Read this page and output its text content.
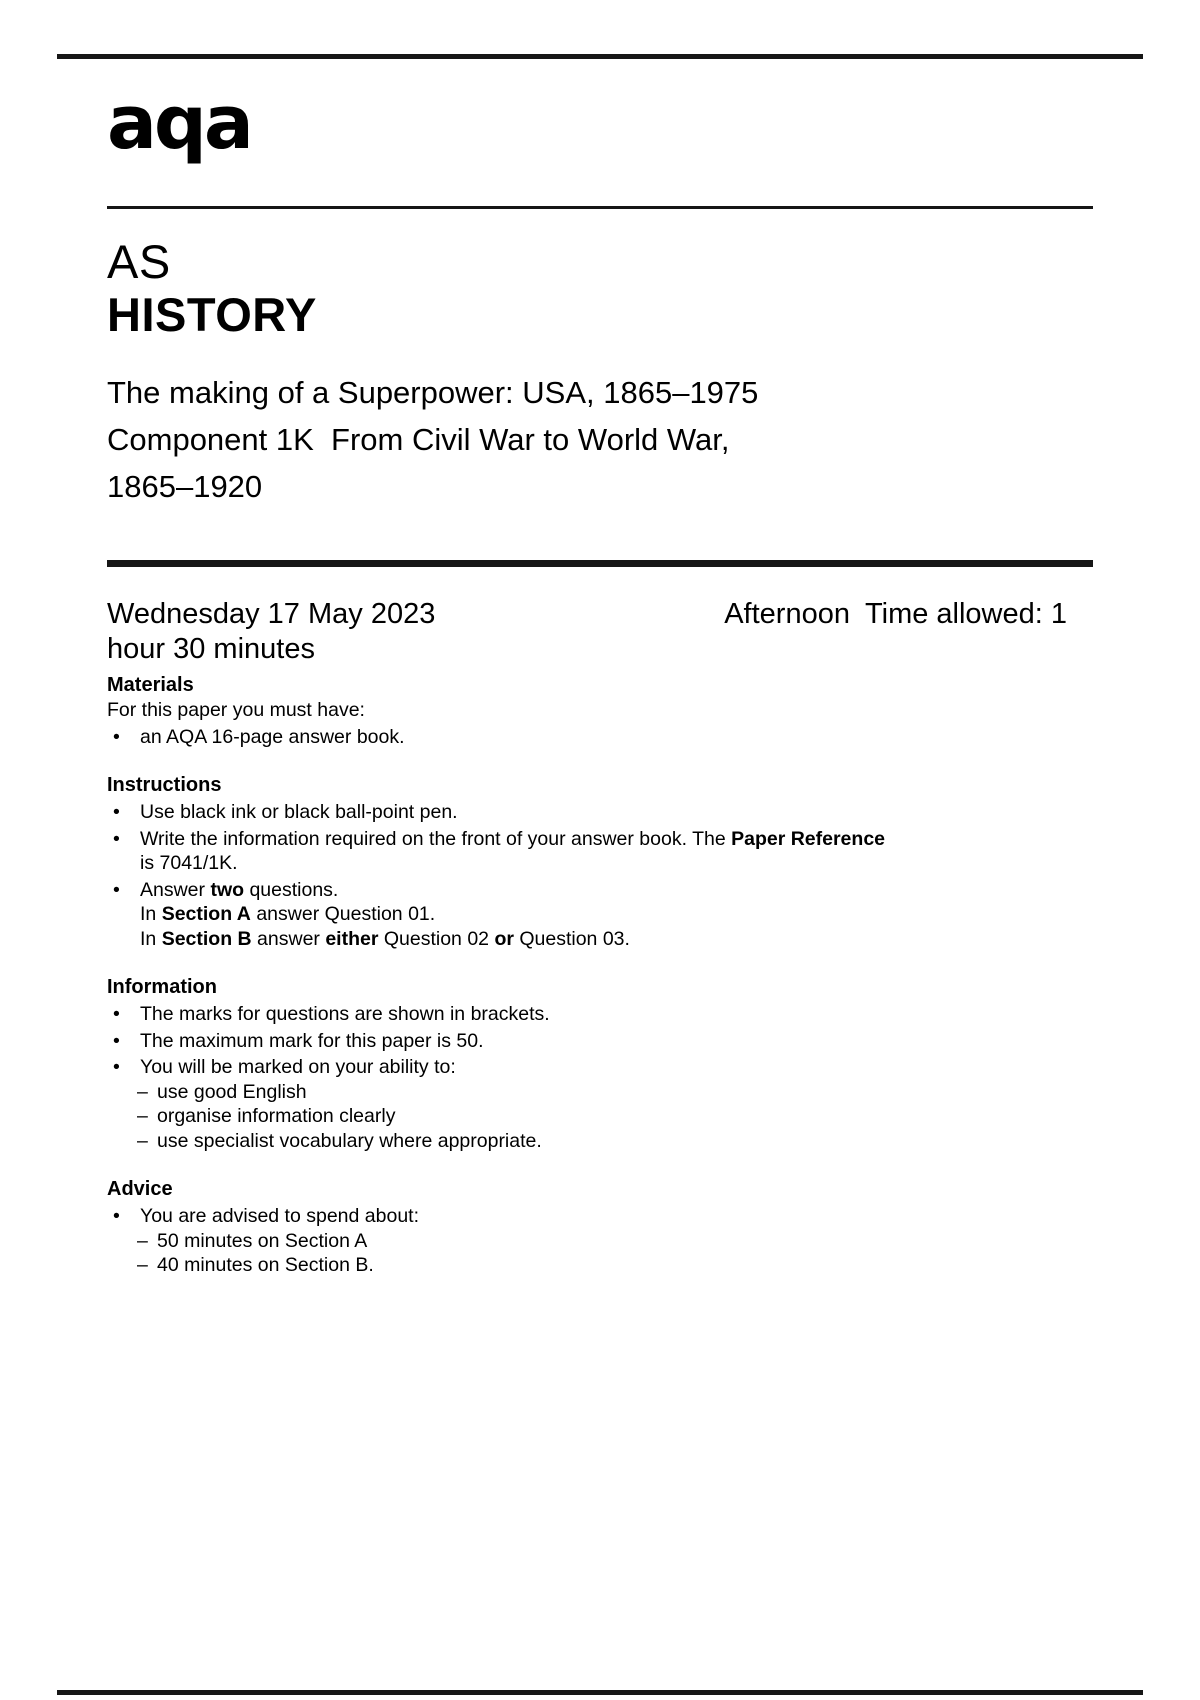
aqa
AS
HISTORY
The making of a Superpower: USA, 1865–1975
Component 1K  From Civil War to World War,
1865–1920
Wednesday 17 May 2023	Afternoon Time allowed: 1
hour 30 minutes
Materials
For this paper you must have:
•	an AQA 16-page answer book.
Instructions
•	Use black ink or black ball-point pen.
•	Write the information required on the front of your answer book. The Paper Reference
is 7041/1K.
•	Answer two questions.
In Section A answer Question 01.
In Section B answer either Question 02 or Question 03.
Information
•	The marks for questions are shown in brackets.
•	The maximum mark for this paper is 50.
•	You will be marked on your ability to:
– use good English
– organise information clearly
– use specialist vocabulary where appropriate.
Advice
•	You are advised to spend about:
– 50 minutes on Section A
– 40 minutes on Section B.
